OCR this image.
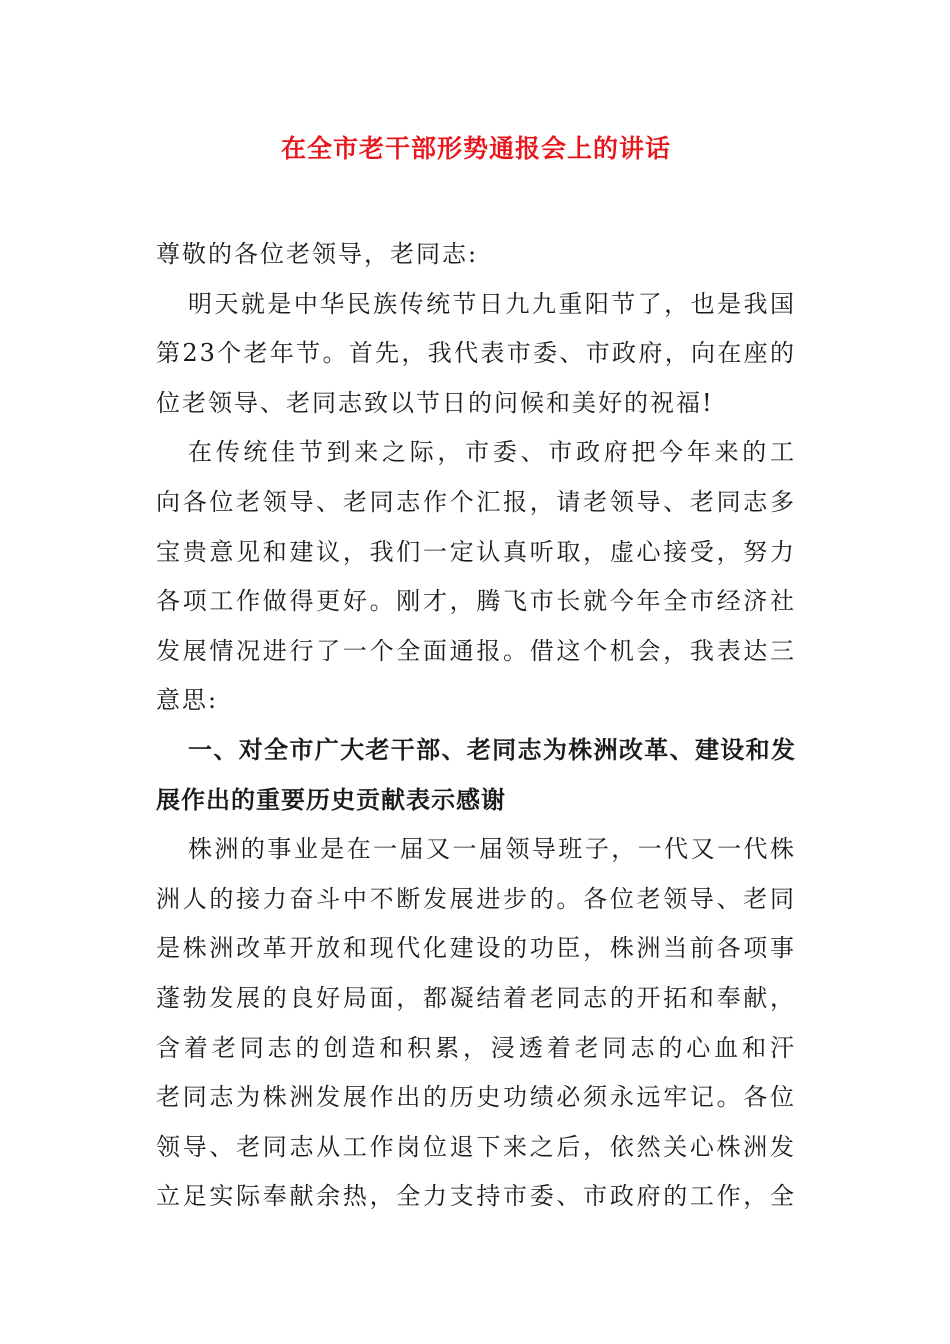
在全市老干部形势通报会上的讲话
尊敬的各位老领导，老同志:
明天就是中华民族传统节日九九重阳节了，也是我国
第23个老年节。首先，我代表市委、市政府，向在座的
位老领导、老同志致以节日的问候和美好的祝福!
在传统佳节到来之际，市委、市政府把今年来的工
向各位老领导、老同志作个汇报，请老领导、老同志多
宝贵意见和建议，我们一定认真听取，虚心接受，努力
各项工作做得更好。刚才，腾飞市长就今年全市经济社
发展情况进行了一个全面通报。借这个机会，我表达三
意思:
一、对全市广大老干部、老同志为株洲改革、建设和发
展作出的重要历史贡献表示感谢
株洲的事业是在一届又一届领导班子，一代又一代株
洲人的接力奋斗中不断发展进步的。各位老领导、老同
是株洲改革开放和现代化建设的功臣，株洲当前各项事
蓬勃发展的良好局面，都凝结着老同志的开拓和奉献，
含着老同志的创造和积累，浸透着老同志的心血和汗
老同志为株洲发展作出的历史功绩必须永远牢记。各位
领导、老同志从工作岗位退下来之后，依然关心株洲发
立足实际奉献余热，全力支持市委、市政府的工作，全
